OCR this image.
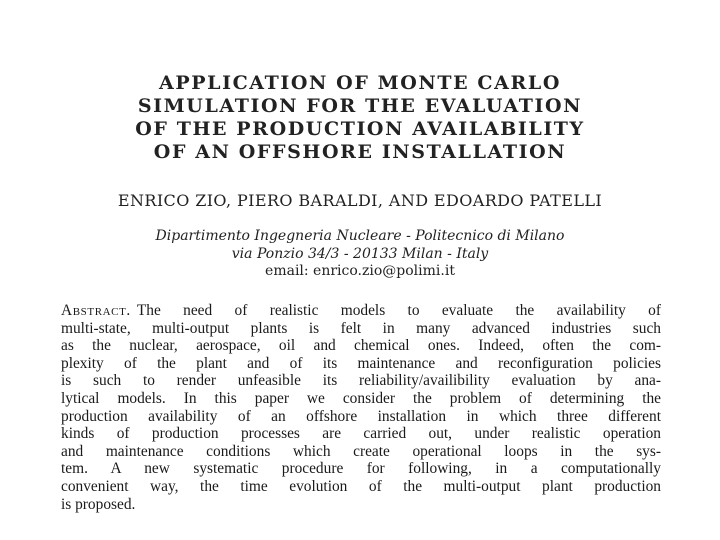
APPLICATION OF MONTE CARLO
SIMULATION FOR THE EVALUATION
OF THE PRODUCTION AVAILABILITY
OF AN OFFSHORE INSTALLATION
ENRICO ZIO, PIERO BARALDI, AND EDOARDO PATELLI
Dipartimento Ingegneria Nucleare - Politecnico di Milano
via Ponzio 34/3 - 20133 Milan - Italy
email: enrico.zio@polimi.it
Abstract. The need of realistic models to evaluate the availability of
multi-state, multi-output plants is felt in many advanced industries such
as the nuclear, aerospace, oil and chemical ones. Indeed, often the com-
plexity of the plant and of its maintenance and reconfiguration policies
is such to render unfeasible its reliability/availibility evaluation by ana-
lytical models. In this paper we consider the problem of determining the
production availability of an offshore installation in which three different
kinds of production processes are carried out, under realistic operation
and maintenance conditions which create operational loops in the sys-
tem. A new systematic procedure for following, in a computationally
convenient way, the time evolution of the multi-output plant production
is proposed.
